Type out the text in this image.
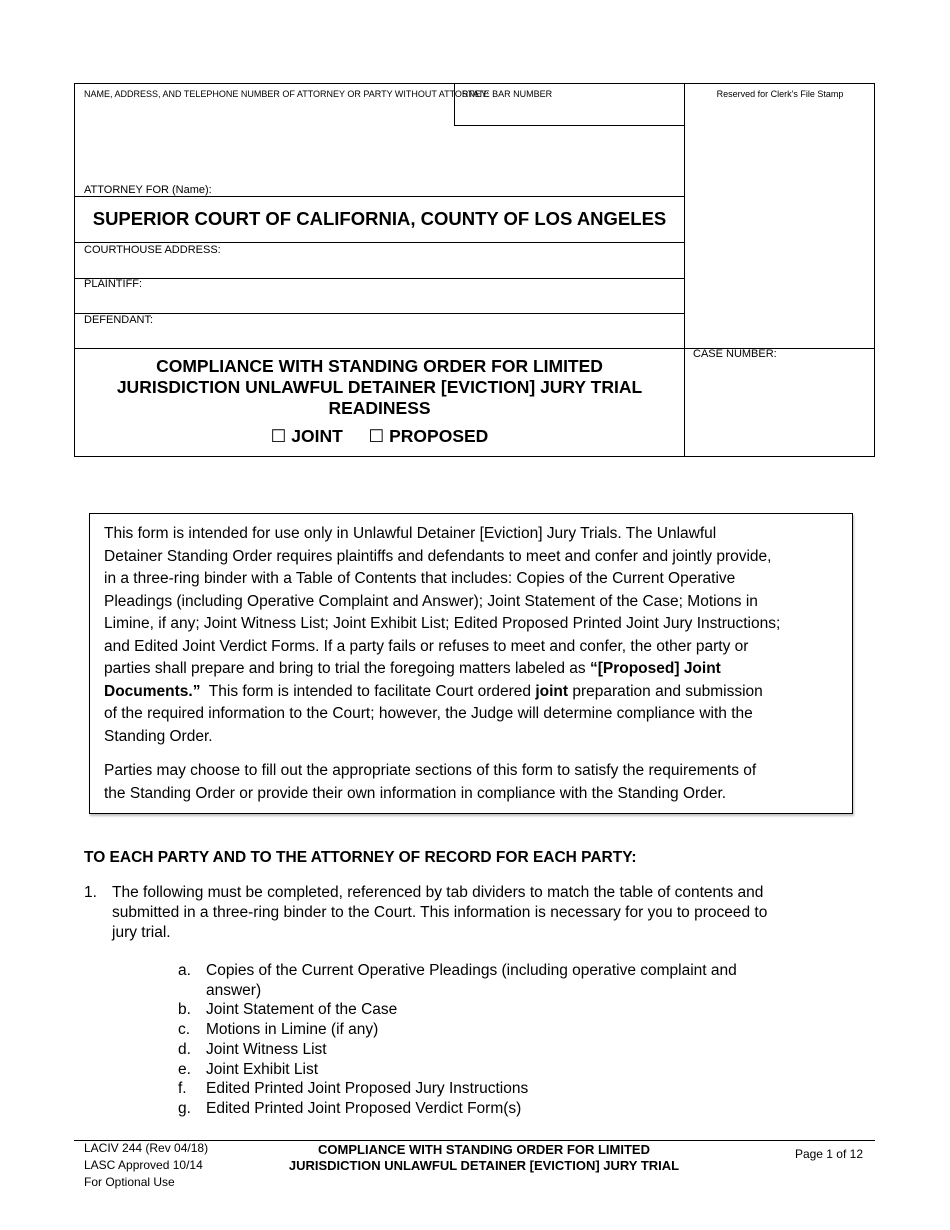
NAME, ADDRESS, AND TELEPHONE NUMBER OF ATTORNEY OR PARTY WITHOUT ATTORNEY:
STATE BAR NUMBER	Reserved for Clerk's File Stamp
ATTORNEY FOR (Name):
SUPERIOR COURT OF CALIFORNIA, COUNTY OF LOS ANGELES
COURTHOUSE ADDRESS:
PLAINTIFF:
DEFENDANT:
CASE NUMBER:
COMPLIANCE WITH STANDING ORDER FOR LIMITED
JURISDICTION UNLAWFUL DETAINER [EVICTION] JURY TRIAL
READINESS
☐ JOINT ☐ PROPOSED

This form is intended for use only in Unlawful Detainer [Eviction] Jury Trials. The Unlawful

Detainer Standing Order requires plaintiffs and defendants to meet and confer and jointly provide,

in a three-ring binder with a Table of Contents that includes: Copies of the Current Operative

Pleadings (including Operative Complaint and Answer); Joint Statement of the Case; Motions in

Limine, if any; Joint Witness List; Joint Exhibit List; Edited Proposed Printed Joint Jury Instructions;

and Edited Joint Verdict Forms. If a party fails or refuses to meet and confer, the other party or

parties shall prepare and bring to trial the foregoing matters labeled as “[Proposed] Joint

Documents.”  This form is intended to facilitate Court ordered joint preparation and submission

of the required information to the Court; however, the Judge will determine compliance with the

Standing Order.

Parties may choose to fill out the appropriate sections of this form to satisfy the requirements of

the Standing Order or provide their own information in compliance with the Standing Order.

TO EACH PARTY AND TO THE ATTORNEY OF RECORD FOR EACH PARTY:
1. The following must be completed, referenced by tab dividers to match the table of contents and
submitted in a three-ring binder to the Court. This information is necessary for you to proceed to
jury trial.
a. Copies of the Current Operative Pleadings (including operative complaint and
answer)
b. Joint Statement of the Case
c.	Motions in Limine (if any)
d. Joint Witness List
e. Joint Exhibit List
f.	Edited Printed Joint Proposed Jury Instructions
g. Edited Printed Joint Proposed Verdict Form(s)
LACIV 244 (Rev 04/18)
LASC Approved 10/14
For Optional Use
COMPLIANCE WITH STANDING ORDER FOR LIMITED
JURISDICTION UNLAWFUL DETAINER [EVICTION] JURY TRIAL
Page 1 of 12
